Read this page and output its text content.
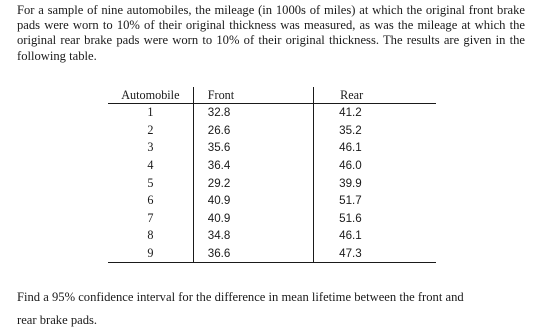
For a sample of nine automobiles, the mileage (in 1000s of miles) at which the original front brake pads were worn to 10% of their original thickness was measured, as was the mileage at which the original rear brake pads were worn to 10% of their original thickness. The results are given in the following table.

Automobile	Front	Rear
1	32.8	41.2
2	26.6	35.2
3	35.6	46.1
4	36.4	46.0
5	29.2	39.9
6	40.9	51.7
7	40.9	51.6
8	34.8	46.1
9	36.6	47.3

Find a 95% confidence interval for the difference in mean lifetime between the front and rear brake pads.
